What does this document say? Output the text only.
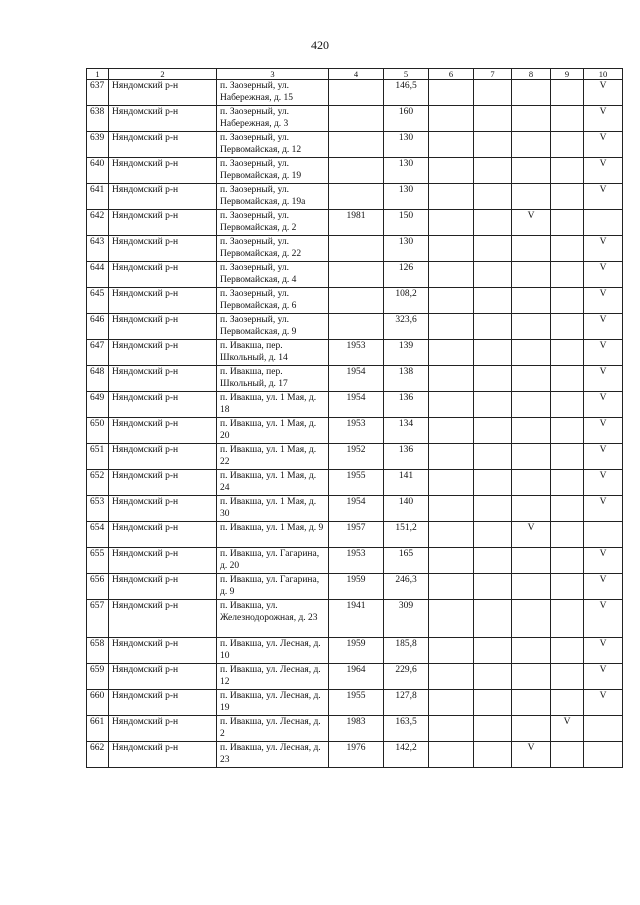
420
1	2	3	4	5	6	7	8	9	10
637	Няндомский р-н	п. Заозерный, ул. Набережная, д. 15		146,5					V
638	Няндомский р-н	п. Заозерный, ул. Набережная, д. 3		160					V
639	Няндомский р-н	п. Заозерный, ул. Первомайская, д. 12		130					V
640	Няндомский р-н	п. Заозерный, ул. Первомайская, д. 19		130					V
641	Няндомский р-н	п. Заозерный, ул. Первомайская, д. 19а		130					V
642	Няндомский р-н	п. Заозерный, ул. Первомайская, д. 2	1981	150			V		
643	Няндомский р-н	п. Заозерный, ул. Первомайская, д. 22		130					V
644	Няндомский р-н	п. Заозерный, ул. Первомайская, д. 4		126					V
645	Няндомский р-н	п. Заозерный, ул. Первомайская, д. 6		108,2					V
646	Няндомский р-н	п. Заозерный, ул. Первомайская, д. 9		323,6					V
647	Няндомский р-н	п. Ивакша, пер. Школьный, д. 14	1953	139					V
648	Няндомский р-н	п. Ивакша, пер. Школьный, д. 17	1954	138					V
649	Няндомский р-н	п. Ивакша, ул. 1 Мая, д. 18	1954	136					V
650	Няндомский р-н	п. Ивакша, ул. 1 Мая, д. 20	1953	134					V
651	Няндомский р-н	п. Ивакша, ул. 1 Мая, д. 22	1952	136					V
652	Няндомский р-н	п. Ивакша, ул. 1 Мая, д. 24	1955	141					V
653	Няндомский р-н	п. Ивакша, ул. 1 Мая, д. 30	1954	140					V
654	Няндомский р-н	п. Ивакша, ул. 1 Мая, д. 9	1957	151,2			V		
655	Няндомский р-н	п. Ивакша, ул. Гагарина, д. 20	1953	165					V
656	Няндомский р-н	п. Ивакша, ул. Гагарина, д. 9	1959	246,3					V
657	Няндомский р-н	п. Ивакша, ул. Железнодорожная, д. 23	1941	309					V
658	Няндомский р-н	п. Ивакша, ул. Лесная, д. 10	1959	185,8					V
659	Няндомский р-н	п. Ивакша, ул. Лесная, д. 12	1964	229,6					V
660	Няндомский р-н	п. Ивакша, ул. Лесная, д. 19	1955	127,8					V
661	Няндомский р-н	п. Ивакша, ул. Лесная, д. 2	1983	163,5				V	
662	Няндомский р-н	п. Ивакша, ул. Лесная, д. 23	1976	142,2			V		
